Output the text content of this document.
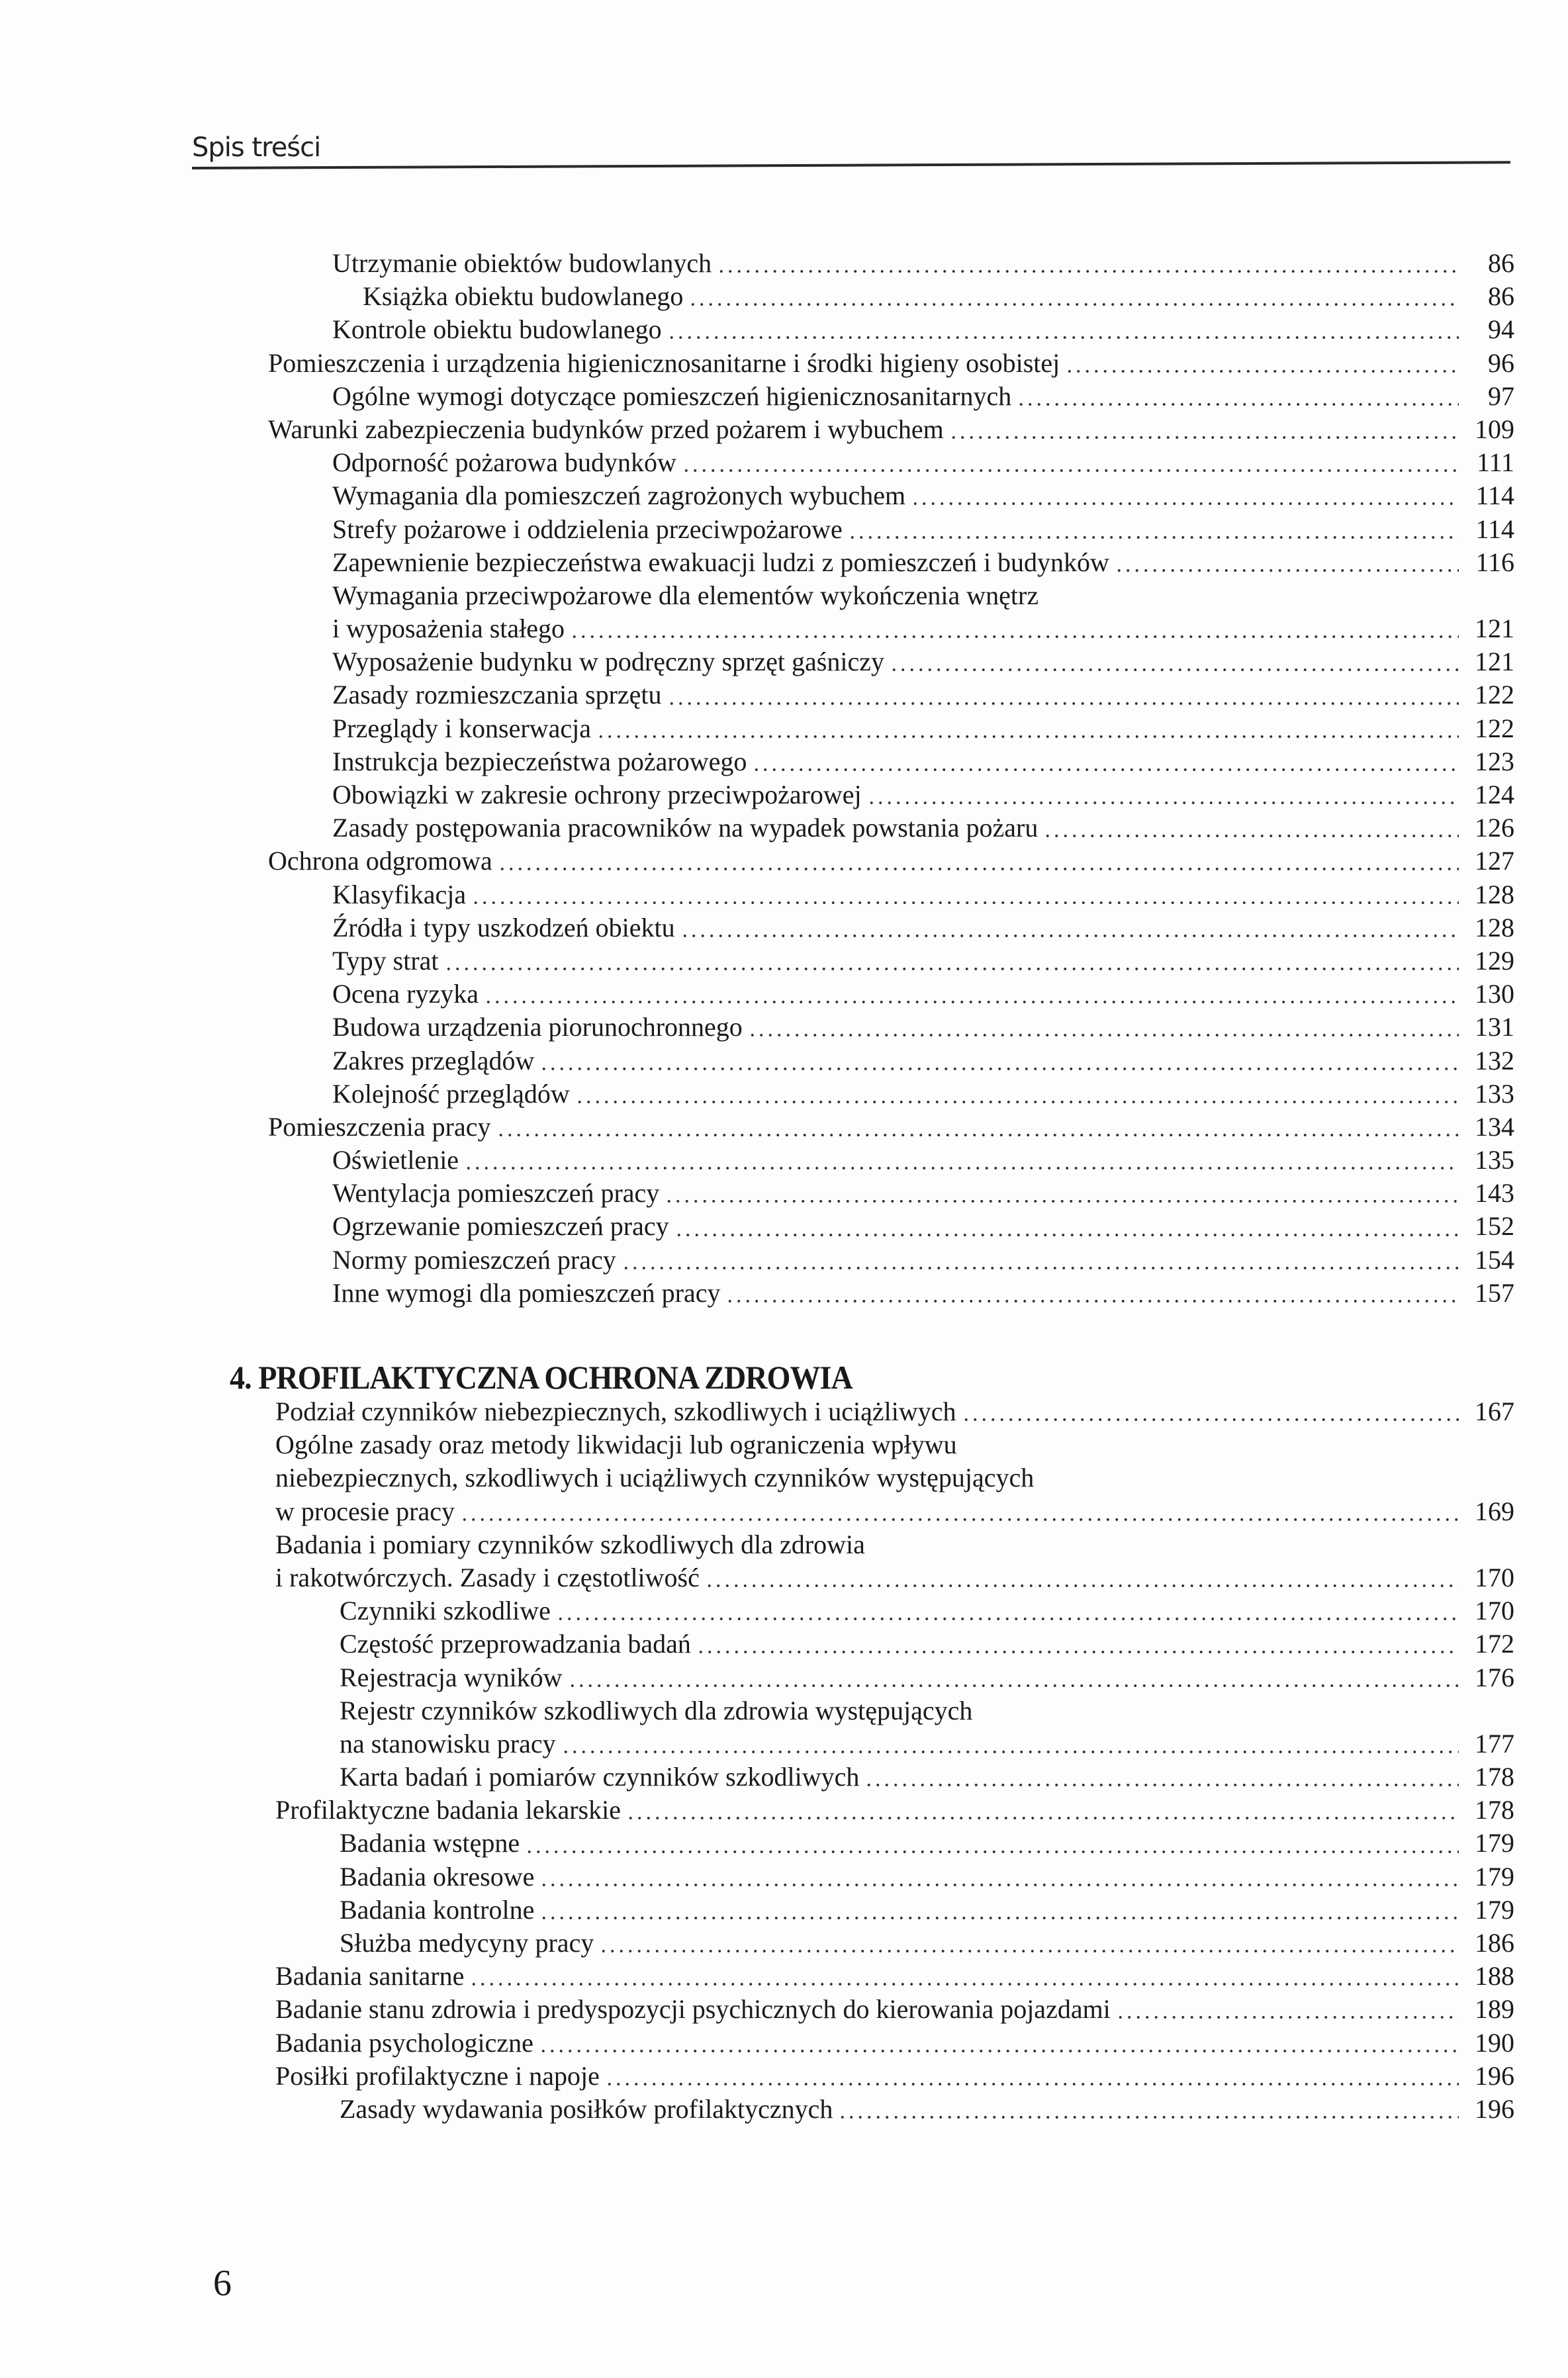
Spis treści
Utrzymanie obiektów budowlanych	86
Książka obiektu budowlanego	86
Kontrole obiektu budowlanego	94
Pomieszczenia i urządzenia higienicznosanitarne i środki higieny osobistej	96
Ogólne wymogi dotyczące pomieszczeń higienicznosanitarnych	97
Warunki zabezpieczenia budynków przed pożarem i wybuchem	109
Odporność pożarowa budynków	111
Wymagania dla pomieszczeń zagrożonych wybuchem	114
Strefy pożarowe i oddzielenia przeciwpożarowe	114
Zapewnienie bezpieczeństwa ewakuacji ludzi z pomieszczeń i budynków	116
Wymagania przeciwpożarowe dla elementów wykończenia wnętrz
i wyposażenia stałego	121
Wyposażenie budynku w podręczny sprzęt gaśniczy	121
Zasady rozmieszczania sprzętu	122
Przeglądy i konserwacja	122
Instrukcja bezpieczeństwa pożarowego	123
Obowiązki w zakresie ochrony przeciwpożarowej	124
Zasady postępowania pracowników na wypadek powstania pożaru	126
Ochrona odgromowa	127
Klasyfikacja	128
Źródła i typy uszkodzeń obiektu	128
Typy strat	129
Ocena ryzyka	130
Budowa urządzenia piorunochronnego	131
Zakres przeglądów	132
Kolejność przeglądów	133
Pomieszczenia pracy	134
Oświetlenie	135
Wentylacja pomieszczeń pracy	143
Ogrzewanie pomieszczeń pracy	152
Normy pomieszczeń pracy	154
Inne wymogi dla pomieszczeń pracy	157
4. PROFILAKTYCZNA OCHRONA ZDROWIA
Podział czynników niebezpiecznych, szkodliwych i uciążliwych	167
Ogólne zasady oraz metody likwidacji lub ograniczenia wpływu
niebezpiecznych, szkodliwych i uciążliwych czynników występujących
w procesie pracy	169
Badania i pomiary czynników szkodliwych dla zdrowia
i rakotwórczych. Zasady i częstotliwość	170
Czynniki szkodliwe	170
Częstość przeprowadzania badań	172
Rejestracja wyników	176
Rejestr czynników szkodliwych dla zdrowia występujących
na stanowisku pracy	177
Karta badań i pomiarów czynników szkodliwych	178
Profilaktyczne badania lekarskie	178
Badania wstępne	179
Badania okresowe	179
Badania kontrolne	179
Służba medycyny pracy	186
Badania sanitarne	188
Badanie stanu zdrowia i predyspozycji psychicznych do kierowania pojazdami	189
Badania psychologiczne	190
Posiłki profilaktyczne i napoje	196
Zasady wydawania posiłków profilaktycznych	196
6
